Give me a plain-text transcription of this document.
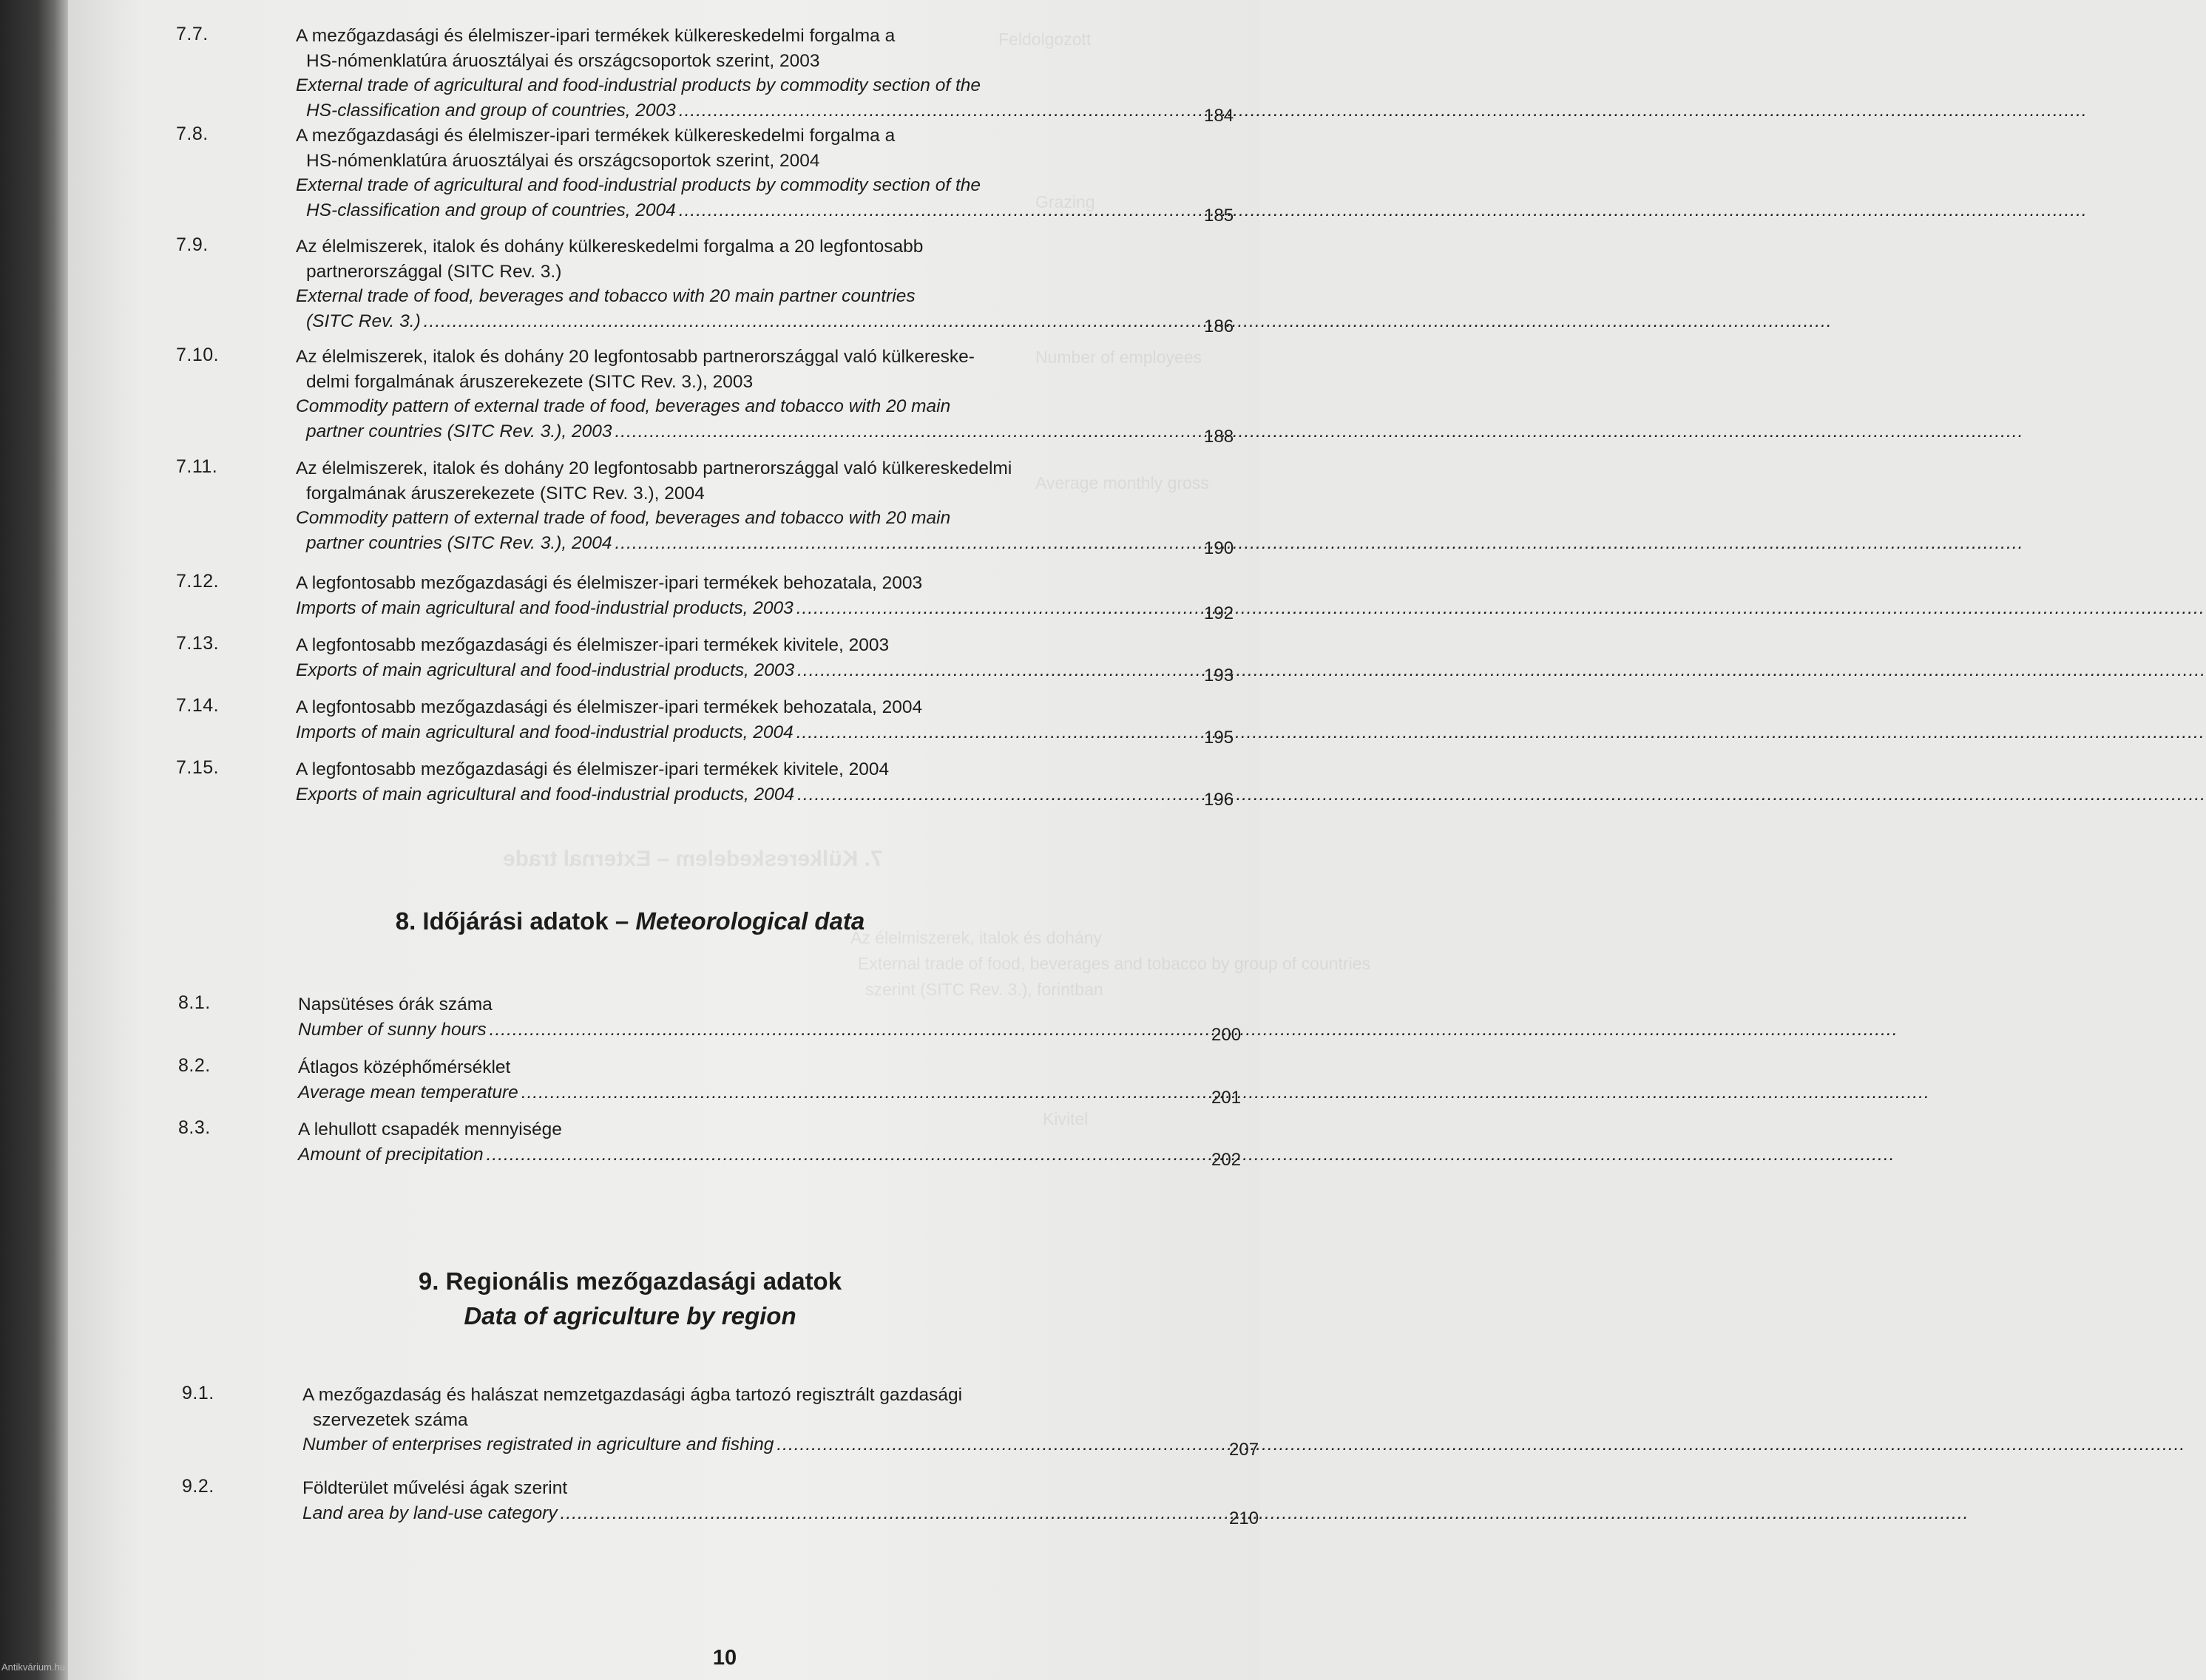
Feldolgozott
Grazing
Average monthly gross
7. Külkereskedelem – External trade
Az élelmiszerek, italok és dohány
External trade of food, beverages and tobacco by group of countries
szerint (SITC Rev. 3.), forintban
Number of employees
Kivitel
7.7.	A mezőgazdasági és élelmiszer-ipari termékek külkereskedelmi forgalma a
HS-nómenklatúra áruosztályai és országcsoportok szerint, 2003
External trade of agricultural and food-industrial products by commodity section of the
HS-classification and group of countries, 2003 .....	184
7.8.	A mezőgazdasági és élelmiszer-ipari termékek külkereskedelmi forgalma a
HS-nómenklatúra áruosztályai és országcsoportok szerint, 2004
External trade of agricultural and food-industrial products by commodity section of the
HS-classification and group of countries, 2004 .....	185
7.9.	Az élelmiszerek, italok és dohány külkereskedelmi forgalma a 20 legfontosabb
partnerországgal (SITC Rev. 3.)
External trade of food, beverages and tobacco with 20 main partner countries
(SITC Rev. 3.) .....	186
7.10.	Az élelmiszerek, italok és dohány 20 legfontosabb partnerországgal való külkereske-
delmi forgalmának áruszerekezete (SITC Rev. 3.), 2003
Commodity pattern of external trade of food, beverages and tobacco with 20 main
partner countries (SITC Rev. 3.), 2003 .....	188
7.11.	Az élelmiszerek, italok és dohány 20 legfontosabb partnerországgal való külkereskedelmi
forgalmának áruszerekezete (SITC Rev. 3.), 2004
Commodity pattern of external trade of food, beverages and tobacco with 20 main
partner countries (SITC Rev. 3.), 2004 .....	190
7.12.	A legfontosabb mezőgazdasági és élelmiszer-ipari termékek behozatala, 2003
Imports of main agricultural and food-industrial products, 2003 .....	192
7.13.	A legfontosabb mezőgazdasági és élelmiszer-ipari termékek kivitele, 2003
Exports of main agricultural and food-industrial products, 2003 .....	193
7.14.	A legfontosabb mezőgazdasági és élelmiszer-ipari termékek behozatala, 2004
Imports of main agricultural and food-industrial products, 2004 .....	195
7.15.	A legfontosabb mezőgazdasági és élelmiszer-ipari termékek kivitele, 2004
Exports of main agricultural and food-industrial products, 2004 .....	196
8. Időjárási adatok – Meteorological data
8.1.	Napsütéses órák száma
Number of sunny hours .....	200
8.2.	Átlagos középhőmérséklet
Average mean temperature .....	201
8.3.	A lehullott csapadék mennyisége
Amount of precipitation .....	202
9. Regionális mezőgazdasági adatok
Data of agriculture by region
9.1.	A mezőgazdaság és halászat nemzetgazdasági ágba tartozó regisztrált gazdasági
szervezetek száma
Number of enterprises registrated in agriculture and fishing .....	207
9.2.	Földterület művelési ágak szerint
Land area by land-use category .....	210
10
Antikvárium.hu
